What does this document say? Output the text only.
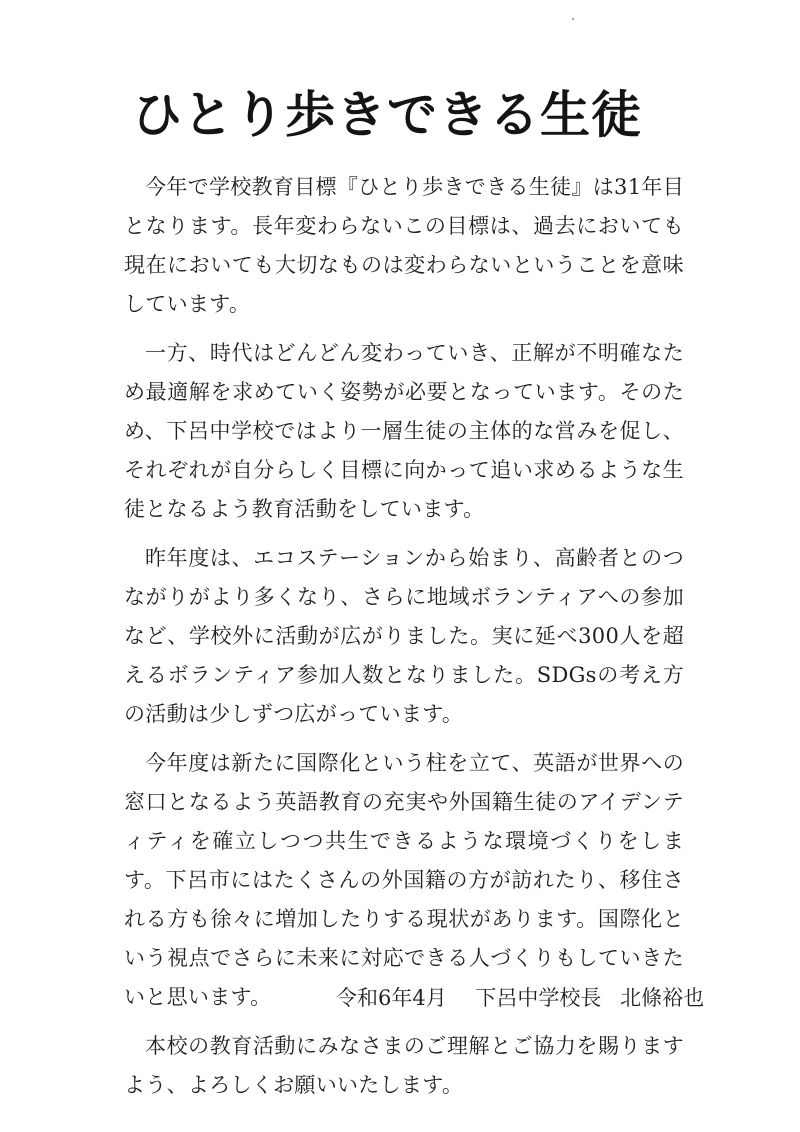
ひとり歩きできる生徒

今年で学校教育目標『ひとり歩きできる生徒』は31年目となります。長年変わらないこの目標は、過去においても現在においても大切なものは変わらないということを意味しています。

一方、時代はどんどん変わっていき、正解が不明確なため最適解を求めていく姿勢が必要となっています。そのため、下呂中学校ではより一層生徒の主体的な営みを促し、それぞれが自分らしく目標に向かって追い求めるような生徒となるよう教育活動をしています。

昨年度は、エコステーションから始まり、高齢者とのつながりがより多くなり、さらに地域ボランティアへの参加など、学校外に活動が広がりました。実に延べ300人を超えるボランティア参加人数となりました。SDGsの考え方の活動は少しずつ広がっています。

今年度は新たに国際化という柱を立て、英語が世界への窓口となるよう英語教育の充実や外国籍生徒のアイデンティティを確立しつつ共生できるような環境づくりをします。下呂市にはたくさんの外国籍の方が訪れたり、移住される方も徐々に増加したりする現状があります。国際化という視点でさらに未来に対応できる人づくりもしていきたいと思います。

本校の教育活動にみなさまのご理解とご協力を賜りますよう、よろしくお願いいたします。

令和6年4月 下呂中学校長 北條裕也
